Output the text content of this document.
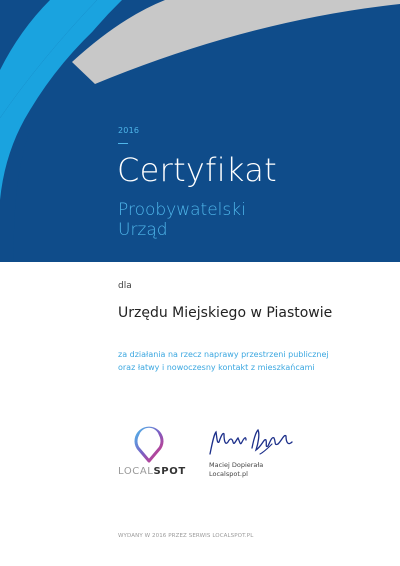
2016
Certyfikat
Proobywatelski
Urząd
dla
Urzędu Miejskiego w Piastowie
za działania na rzecz naprawy przestrzeni publicznej
oraz łatwy i nowoczesny kontakt z mieszkańcami
LOCALSPOT
Maciej Dopierała
Localspot.pl
WYDANY W 2016 PRZEZ SERWIS LOCALSPOT.PL
